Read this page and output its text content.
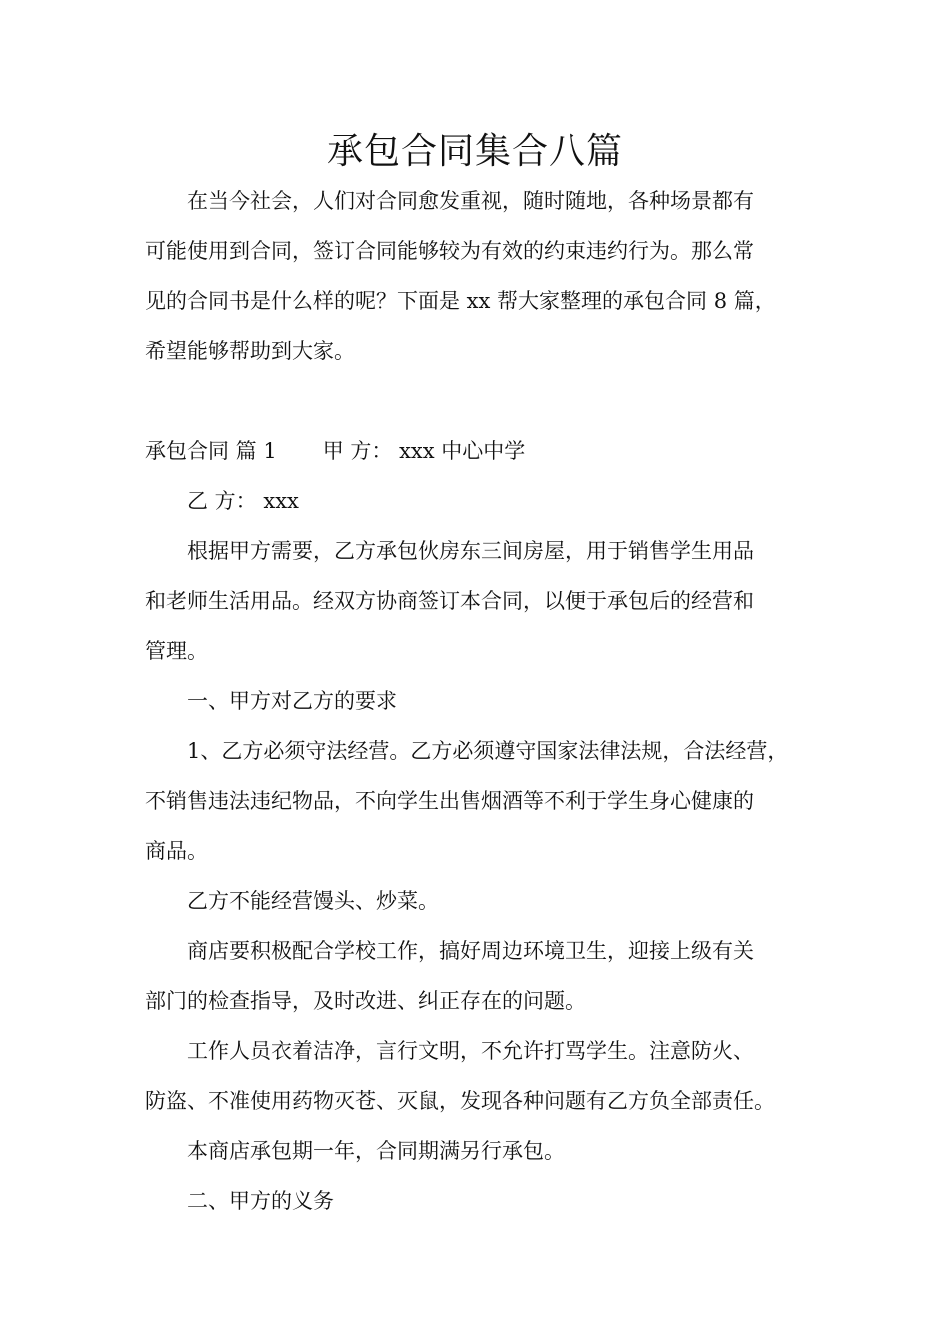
承包合同集合八篇

在当今社会，人们对合同愈发重视，随时随地，各种场景都有
可能使用到合同，签订合同能够较为有效的约束违约行为。那么常
见的合同书是什么样的呢？下面是 xx 帮大家整理的承包合同 8 篇，
希望能够帮助到大家。

承包合同 篇 1 甲 方： xxx 中心中学

乙 方： xxx

根据甲方需要，乙方承包伙房东三间房屋，用于销售学生用品
和老师生活用品。经双方协商签订本合同，以便于承包后的经营和
管理。

一、甲方对乙方的要求

1、乙方必须守法经营。乙方必须遵守国家法律法规，合法经营，
不销售违法违纪物品，不向学生出售烟酒等不利于学生身心健康的
商品。

乙方不能经营馒头、炒菜。

商店要积极配合学校工作，搞好周边环境卫生，迎接上级有关
部门的检查指导，及时改进、纠正存在的问题。

工作人员衣着洁净，言行文明，不允许打骂学生。注意防火、
防盗、不准使用药物灭苍、灭鼠，发现各种问题有乙方负全部责任。

本商店承包期一年，合同期满另行承包。

二、甲方的义务
